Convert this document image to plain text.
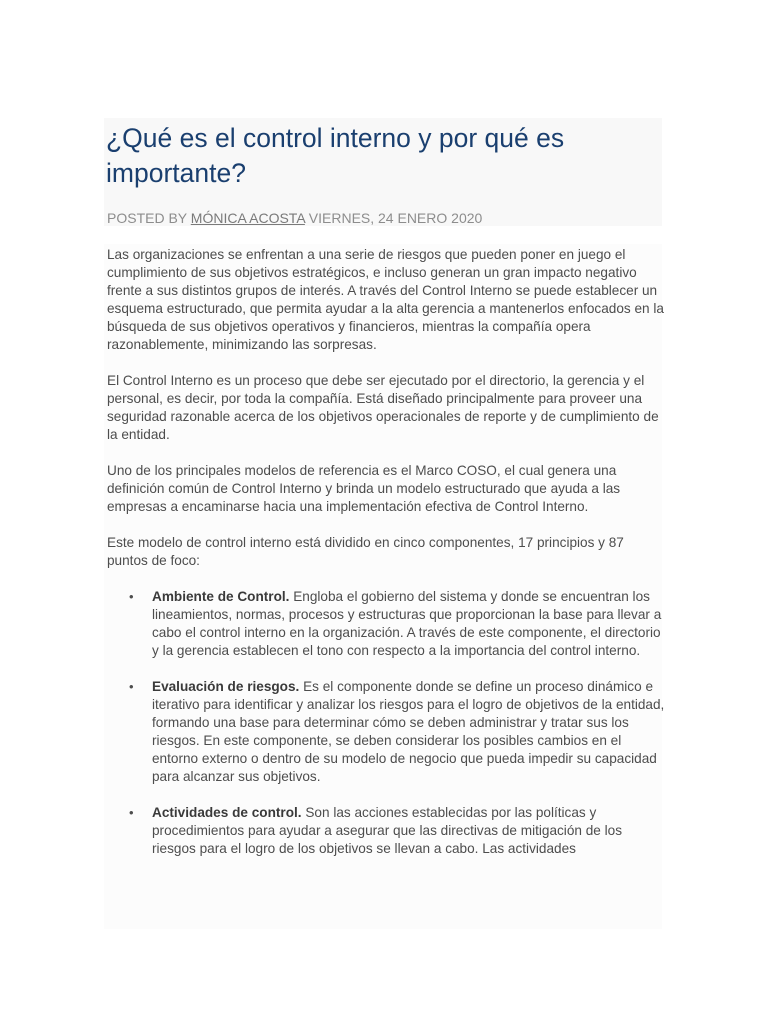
¿Qué es el control interno y por qué es importante?

POSTED BY MÓNICA ACOSTA VIERNES, 24 ENERO 2020

Las organizaciones se enfrentan a una serie de riesgos que pueden poner en juego el cumplimiento de sus objetivos estratégicos, e incluso generan un gran impacto negativo frente a sus distintos grupos de interés. A través del Control Interno se puede establecer un esquema estructurado, que permita ayudar a la alta gerencia a mantenerlos enfocados en la búsqueda de sus objetivos operativos y financieros, mientras la compañía opera razonablemente, minimizando las sorpresas.

El Control Interno es un proceso que debe ser ejecutado por el directorio, la gerencia y el personal, es decir, por toda la compañía. Está diseñado principalmente para proveer una seguridad razonable acerca de los objetivos operacionales de reporte y de cumplimiento de la entidad.

Uno de los principales modelos de referencia es el Marco COSO, el cual genera una definición común de Control Interno y brinda un modelo estructurado que ayuda a las empresas a encaminarse hacia una implementación efectiva de Control Interno.

Este modelo de control interno está dividido en cinco componentes, 17 principios y 87 puntos de foco:

•	Ambiente de Control. Engloba el gobierno del sistema y donde se encuentran los lineamientos, normas, procesos y estructuras que proporcionan la base para llevar a cabo el control interno en la organización. A través de este componente, el directorio y la gerencia establecen el tono con respecto a la importancia del control interno.
•	Evaluación de riesgos. Es el componente donde se define un proceso dinámico e iterativo para identificar y analizar los riesgos para el logro de objetivos de la entidad, formando una base para determinar cómo se deben administrar y tratar sus los riesgos. En este componente, se deben considerar los posibles cambios en el entorno externo o dentro de su modelo de negocio que pueda impedir su capacidad para alcanzar sus objetivos.
•	Actividades de control. Son las acciones establecidas por las políticas y procedimientos para ayudar a asegurar que las directivas de mitigación de los riesgos para el logro de los objetivos se llevan a cabo. Las actividades
